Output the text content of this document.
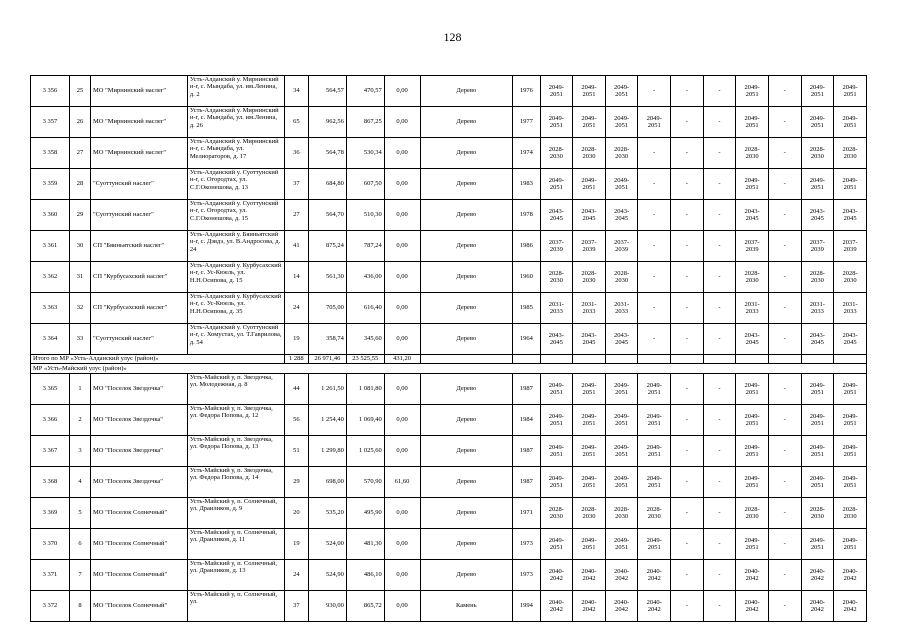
128
3 356	25	МО "Мирнинский наслег"	Усть-Алданский у. Мирнинский н-г, с. Мындаба, ул. им.Ленина, д. 2	34	564,57	470,57	0,00	Дерево	1976	2049-2051	2049-2051	2049-2051	-	-	-	2049-2051	-	2049-2051	2049-2051
3 357	26	МО "Мирнинский наслег"	Усть-Алданский у. Мирнинский н-г, с. Мындаба, ул. им.Ленина, д. 26	65	962,56	867,25	0,00	Дерево	1977	2049-2051	2049-2051	2049-2051	2049-2051	-	-	2049-2051	-	2049-2051	2049-2051
3 358	27	МО "Мирнинский наслег"	Усть-Алданский у. Мирнинский н-г, с. Мындаба, ул. Мелиораторов, д. 17	36	564,78	530,34	0,00	Дерево	1974	2028-2030	2028-2030	2028-2030	-	-	-	2028-2030	-	2028-2030	2028-2030
3 359	28	"Суоттунский наслег"	Усть-Алданский у. Суоттунский н-г, с. Огородтах, ул. С.Г.Оконешова, д. 13	37	684,80	607,50	0,00	Дерево	1983	2049-2051	2049-2051	2049-2051	-	-	-	2049-2051	-	2049-2051	2049-2051
3 360	29	"Суоттунский наслег"	Усть-Алданский у. Суоттунский н-г, с. Огородтах, ул. С.Г.Оконешова, д. 15	27	564,70	510,30	0,00	Дерево	1978	2043-2045	2043-2045	2043-2045	-	-	-	2043-2045	-	2043-2045	2043-2045
3 361	30	СП "Бяиньятский наслег"	Усть-Алданский у. Бяиньятский н-г, с. Дэвдэ, ул. В.Андросова, д. 24	41	875,24	787,24	0,00	Дерево	1986	2037-2039	2037-2039	2037-2039	-	-	-	2037-2039	-	2037-2039	2037-2039
3 362	31	СП "Курбусахский наслег"	Усть-Алданский у. Курбусахский н-г, с. Ус-Кюель, ул. Н.Н.Осипова, д. 15	14	561,30	436,00	0,00	Дерево	1960	2028-2030	2028-2030	2028-2030	-	-	-	2028-2030	-	2028-2030	2028-2030
3 363	32	СП "Курбусахский наслег"	Усть-Алданский у. Курбусахский н-г, с. Ус-Кюель, ул. Н.Н.Осипова, д. 35	24	705,00	616,40	0,00	Дерево	1985	2031-2033	2031-2033	2031-2033	-	-	-	2031-2033	-	2031-2033	2031-2033
3 364	33	"Суоттунский наслег"	Усть-Алданский у. Суоттунский н-г, с. Хомустах, ул. Т.Гаврилова, д. 54	19	358,74	345,60	0,00	Дерево	1964	2043-2045	2043-2045	2043-2045	-	-	-	2043-2045	-	2043-2045	2043-2045
Итого по МР «Усть-Алданский улус (район)»				1 288	26 971,46	23 525,55	431,20												
МР «Усть-Майский улус (район)»																			
3 365	1	МО "Поселок Звездочка"	Усть-Майский у, п. Звездочка, ул. Молодежная, д. 8	44	1 261,50	1 081,80	0,00	Дерево	1987	2049-2051	2049-2051	2049-2051	2049-2051	-	-	2049-2051	-	2049-2051	2049-2051
3 366	2	МО "Поселок Звездочка"	Усть-Майский у, п. Звездочка, ул. Федора Попова, д. 12	56	1 254,40	1 069,40	0,00	Дерево	1984	2049-2051	2049-2051	2049-2051	2049-2051	-	-	2049-2051	-	2049-2051	2049-2051
3 367	3	МО "Поселок Звездочка"	Усть-Майский у, п. Звездочка, ул. Федора Попова, д. 13	51	1 299,80	1 025,60	0,00	Дерево	1987	2049-2051	2049-2051	2049-2051	2049-2051	-	-	2049-2051	-	2049-2051	2049-2051
3 368	4	МО "Поселок Звездочка"	Усть-Майский у, п. Звездочка, ул. Федора Попова, д. 14	29	698,00	570,90	61,60	Дерево	1987	2049-2051	2049-2051	2049-2051	2049-2051	-	-	2049-2051	-	2049-2051	2049-2051
3 369	5	МО "Поселок Солнечный"	Усть-Майский у, п. Солнечный, ул. Драиликов, д. 9	20	535,20	495,90	0,00	Дерево	1971	2028-2030	2028-2030	2028-2030	2028-2030	-	-	2028-2030	-	2028-2030	2028-2030
3 370	6	МО "Поселок Солнечный"	Усть-Майский у, п. Солнечный, ул. Драиликов, д. 11	19	524,00	481,30	0,00	Дерево	1973	2049-2051	2049-2051	2049-2051	2049-2051	-	-	2049-2051	-	2049-2051	2049-2051
3 371	7	МО "Поселок Солнечный"	Усть-Майский у, п. Солнечный, ул. Драиликов, д. 13	24	524,90	486,10	0,00	Дерево	1973	2040-2042	2040-2042	2040-2042	2040-2042	-	-	2040-2042	-	2040-2042	2040-2042
3 372	8	МО "Поселок Солнечный"	Усть-Майский у, п. Солнечный, ул.	37	930,00	865,72	0,00	Камень	1994	2040-2042	2040-2042	2040-2042	2040-2042	-	-	2040-2042	-	2040-2042	2040-2042
